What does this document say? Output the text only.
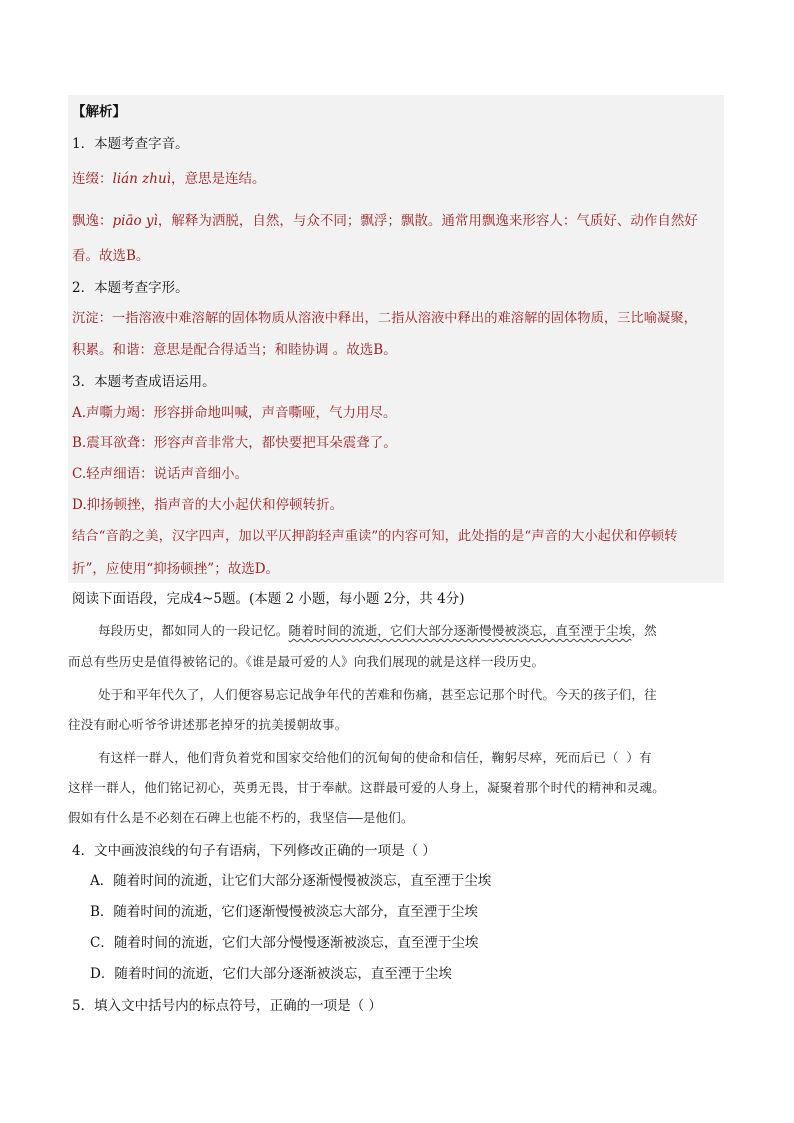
【解析】
1．本题考查字音。
连缀：lián zhuì，意思是连结。
飘逸：piāo yì，解释为洒脱，自然，与众不同；飘浮；飘散。通常用飘逸来形容人：气质好、动作自然好
看。故选B。
2．本题考查字形。
沉淀：一指溶液中难溶解的固体物质从溶液中释出，二指从溶液中释出的难溶解的固体物质，三比喻凝聚，
积累。和谐：意思是配合得适当；和睦协调 。故选B。
3．本题考查成语运用。
A.声嘶力竭：形容拼命地叫喊，声音嘶哑，气力用尽。
B.震耳欲聋：形容声音非常大，都快要把耳朵震聋了。
C.轻声细语：说话声音细小。
D.抑扬顿挫，指声音的大小起伏和停顿转折。
结合“音韵之美，汉字四声，加以平仄押韵轻声重读”的内容可知，此处指的是“声音的大小起伏和停顿转
折”，应使用“抑扬顿挫”；故选D。
阅读下面语段，完成4~5题。(本题 2 小题，每小题 2分，共 4分)
每段历史，都如同人的一段记忆。随着时间的流逝，它们大部分逐渐慢慢被淡忘，直至湮于尘埃，然
而总有些历史是值得被铭记的。《谁是最可爱的人》向我们展现的就是这样一段历史。
处于和平年代久了，人们便容易忘记战争年代的苦难和伤痛，甚至忘记那个时代。今天的孩子们，往
往没有耐心听爷爷讲述那老掉牙的抗美援朝故事。
有这样一群人，他们背负着党和国家交给他们的沉甸甸的使命和信任，鞠躬尽瘁，死而后已（ ）有
这样一群人，他们铭记初心，英勇无畏，甘于奉献。这群最可爱的人身上，凝聚着那个时代的精神和灵魂。
假如有什么是不必刻在石碑上也能不朽的，我坚信——是他们。
4．文中画波浪线的句子有语病，下列修改正确的一项是（ ）
A．随着时间的流逝，让它们大部分逐渐慢慢被淡忘，直至湮于尘埃
B．随着时间的流逝，它们逐渐慢慢被淡忘大部分，直至湮于尘埃
C．随着时间的流逝，它们大部分慢慢逐渐被淡忘，直至湮于尘埃
D．随着时间的流逝，它们大部分逐渐被淡忘，直至湮于尘埃
5．填入文中括号内的标点符号，正确的一项是（ ）
